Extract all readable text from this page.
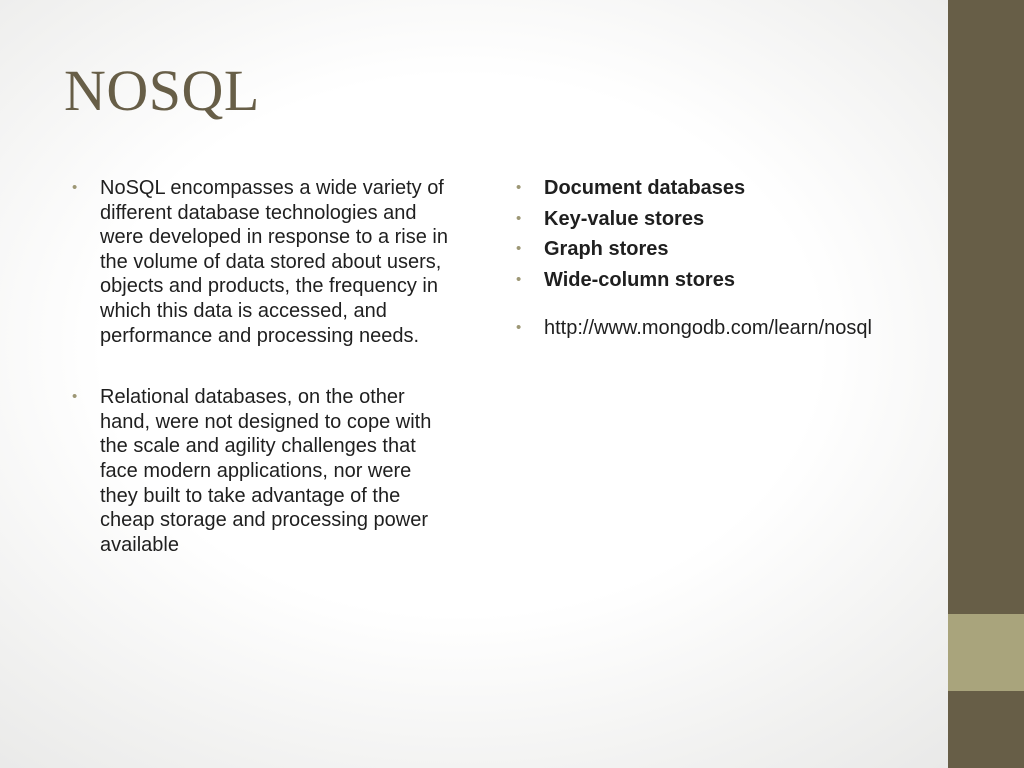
NOSQL
• NoSQL encompasses a wide variety of different database technologies and were developed in response to a rise in the volume of data stored about users, objects and products, the frequency in which this data is accessed, and performance and processing needs.
• Relational databases, on the other hand, were not designed to cope with the scale and agility challenges that face modern applications, nor were they built to take advantage of the cheap storage and processing power available
• Document databases
• Key-value stores
• Graph stores
• Wide-column stores
• http://www.mongodb.com/learn/nosql
